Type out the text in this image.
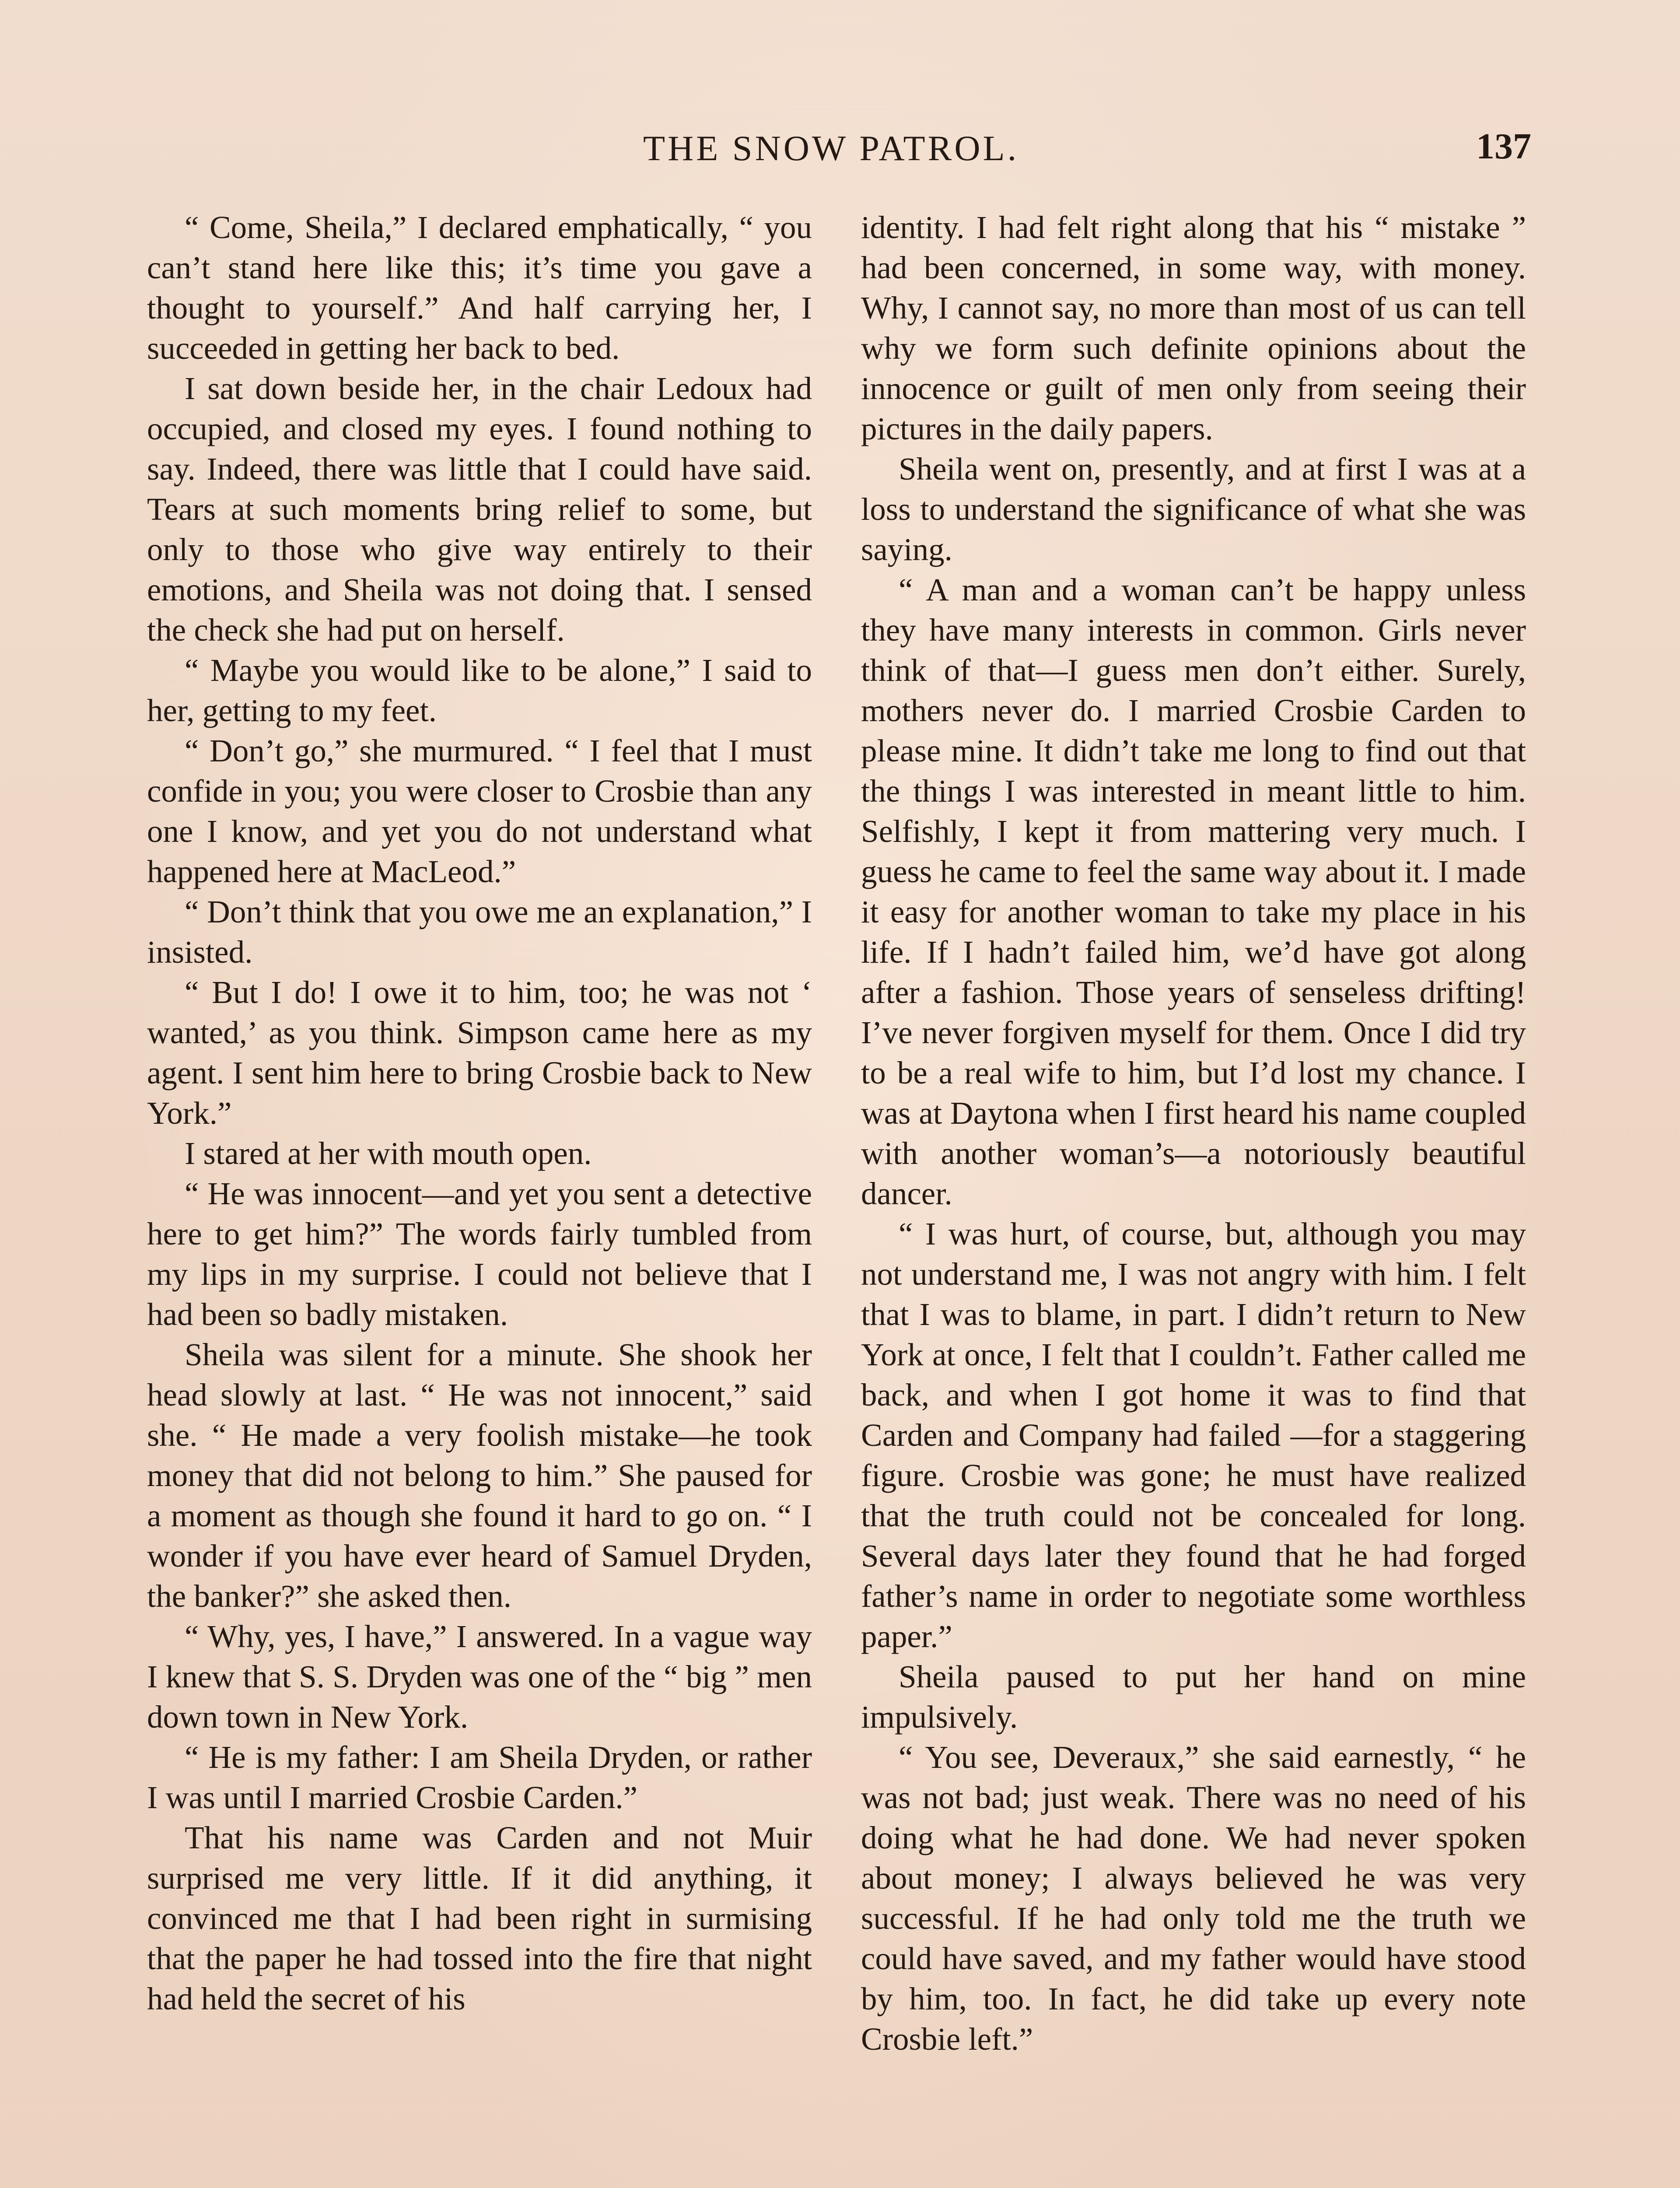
THE SNOW PATROL.	137

“ Come, Sheila,” I declared emphatically, “ you can’t stand here like this; it’s time you gave a thought to yourself.” And half carrying her, I succeeded in getting her back to bed.

I sat down beside her, in the chair Ledoux had occupied, and closed my eyes. I found nothing to say. Indeed, there was little that I could have said. Tears at such moments bring relief to some, but only to those who give way entirely to their emotions, and Sheila was not doing that. I sensed the check she had put on herself.

“ Maybe you would like to be alone,” I said to her, getting to my feet.

“ Don’t go,” she murmured. “ I feel that I must confide in you; you were closer to Crosbie than any one I know, and yet you do not understand what happened here at MacLeod.”

“ Don’t think that you owe me an explanation,” I insisted.

“ But I do! I owe it to him, too; he was not ‘ wanted,’ as you think. Simpson came here as my agent. I sent him here to bring Crosbie back to New York.”

I stared at her with mouth open.

“ He was innocent—and yet you sent a detective here to get him?” The words fairly tumbled from my lips in my surprise. I could not believe that I had been so badly mistaken.

Sheila was silent for a minute. She shook her head slowly at last. “ He was not innocent,” said she. “ He made a very foolish mistake—he took money that did not belong to him.” She paused for a moment as though she found it hard to go on. “ I wonder if you have ever heard of Samuel Dryden, the banker?” she asked then.

“ Why, yes, I have,” I answered. In a vague way I knew that S. S. Dryden was one of the “ big ” men down town in New York.

“ He is my father: I am Sheila Dryden, or rather I was until I married Crosbie Carden.”

That his name was Carden and not Muir surprised me very little. If it did anything, it convinced me that I had been right in surmising that the paper he had tossed into the fire that night had held the secret of his

identity. I had felt right along that his “ mistake ” had been concerned, in some way, with money. Why, I cannot say, no more than most of us can tell why we form such definite opinions about the innocence or guilt of men only from seeing their pictures in the daily papers.

Sheila went on, presently, and at first I was at a loss to understand the significance of what she was saying.

“ A man and a woman can’t be happy unless they have many interests in common. Girls never think of that—I guess men don’t either. Surely, mothers never do. I married Crosbie Carden to please mine. It didn’t take me long to find out that the things I was interested in meant little to him. Selfishly, I kept it from mattering very much. I guess he came to feel the same way about it. I made it easy for another woman to take my place in his life. If I hadn’t failed him, we’d have got along after a fashion. Those years of senseless drifting! I’ve never forgiven myself for them. Once I did try to be a real wife to him, but I’d lost my chance. I was at Daytona when I first heard his name coupled with another woman’s—a notoriously beautiful dancer.

“ I was hurt, of course, but, although you may not understand me, I was not angry with him. I felt that I was to blame, in part. I didn’t return to New York at once, I felt that I couldn’t. Father called me back, and when I got home it was to find that Carden and Company had failed —for a staggering figure. Crosbie was gone; he must have realized that the truth could not be concealed for long. Several days later they found that he had forged father’s name in order to negotiate some worthless paper.”

Sheila paused to put her hand on mine impulsively.

“ You see, Deveraux,” she said earnestly, “ he was not bad; just weak. There was no need of his doing what he had done. We had never spoken about money; I always believed he was very successful. If he had only told me the truth we could have saved, and my father would have stood by him, too. In fact, he did take up every note Crosbie left.”
